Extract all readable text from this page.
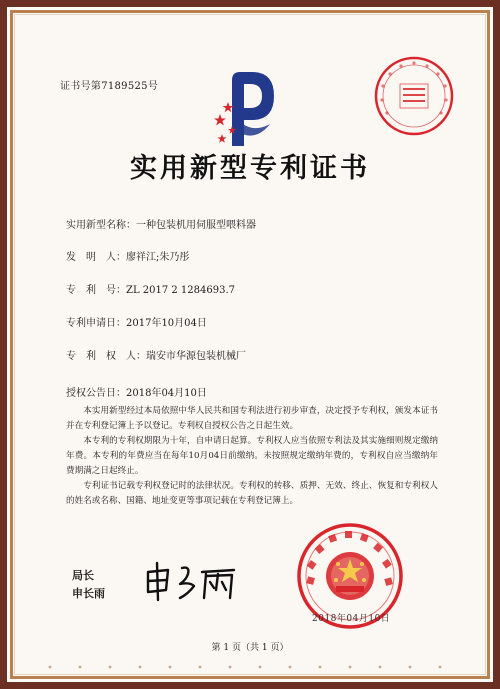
证书号第7189525号
实用新型专利证书
实用新型名称：一种包装机用伺服型喂料器
发　明　人：廖祥江;朱乃彤
专　利　号：ZL 2017 2 1284693.7
专利申请日：2017年10月04日
专　利　权　人：瑞安市华源包装机械厂
授权公告日：2018年04月10日

本实用新型经过本局依照中华人民共和国专利法进行初步审查，决定授予专利权，颁发本证书并在专利登记簿上予以登记。专利权自授权公告之日起生效。

本专利的专利权期限为十年，自申请日起算。专利权人应当依照专利法及其实施细则规定缴纳年费。本专利的年费应当在每年10月04日前缴纳。未按照规定缴纳年费的，专利权自应当缴纳年费期满之日起终止。

专利证书记载专利权登记时的法律状况。专利权的转移、质押、无效、终止、恢复和专利权人的姓名或名称、国籍、地址变更等事项记载在专利登记簿上。

局长
申长雨
2018年04月10日
第 1 页（共 1 页）
